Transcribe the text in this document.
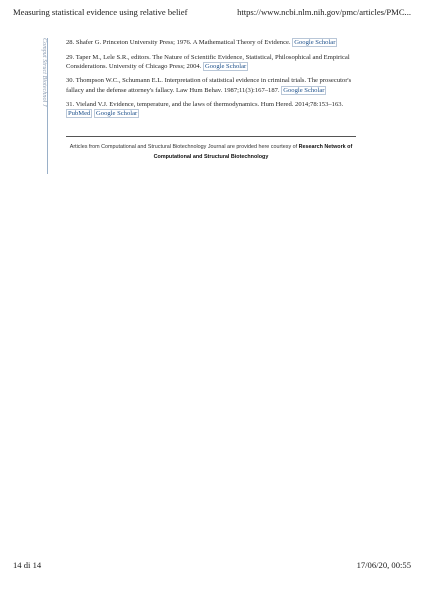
Measuring statistical evidence using relative belief	https://www.ncbi.nlm.nih.gov/pmc/articles/PMC...
Comput Struct Biotechnol J	28. Shafer G. Princeton University Press; 1976. A Mathematical Theory of Evidence. Google Scholar

29. Taper M., Lele S.R., editors. The Nature of Scientific Evidence, Statistical, Philosophical and Empirical Considerations. University of Chicago Press; 2004. Google Scholar

30. Thompson W.C., Schumann E.L. Interpretation of statistical evidence in criminal trials. The prosecutor's fallacy and the defense attorney's fallacy. Law Hum Behav. 1987;11(3):167–187. Google Scholar

31. Vieland V.J. Evidence, temperature, and the laws of thermodynamics. Hum Hered. 2014;78:153–163. PubMed Google Scholar

Articles from Computational and Structural Biotechnology Journal are provided here courtesy of Research Network of Computational and Structural Biotechnology
14 di 14	17/06/20, 00:55
